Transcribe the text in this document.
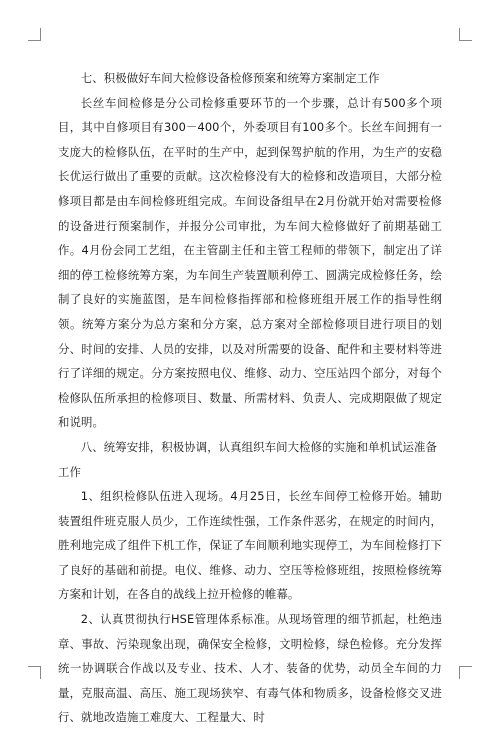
七、积极做好车间大检修设备检修预案和统筹方案制定工作

长丝车间检修是分公司检修重要环节的一个步骤，总计有500多个项目，其中自修项目有300－400个，外委项目有100多个。长丝车间拥有一支庞大的检修队伍，在平时的生产中，起到保驾护航的作用，为生产的安稳长优运行做出了重要的贡献。这次检修没有大的检修和改造项目，大部分检修项目都是由车间检修班组完成。车间设备组早在2月份就开始对需要检修的设备进行预案制作，并报分公司审批，为车间大检修做好了前期基础工作。4月份会同工艺组，在主管副主任和主管工程师的带领下，制定出了详细的停工检修统筹方案，为车间生产装置顺利停工、圆满完成检修任务，绘制了良好的实施蓝图，是车间检修指挥部和检修班组开展工作的指导性纲领。统筹方案分为总方案和分方案，总方案对全部检修项目进行项目的划分、时间的安排、人员的安排，以及对所需要的设备、配件和主要材料等进行了详细的规定。分方案按照电仪、维修、动力、空压站四个部分，对每个检修队伍所承担的检修项目、数量、所需材料、负责人、完成期限做了规定和说明。

八、统筹安排，积极协调，认真组织车间大检修的实施和单机试运准备工作

1、组织检修队伍进入现场。4月25日，长丝车间停工检修开始。辅助装置组件班克服人员少，工作连续性强，工作条件恶劣，在规定的时间内，胜利地完成了组件下机工作，保证了车间顺利地实现停工，为车间检修打下了良好的基础和前提。电仪、维修、动力、空压等检修班组，按照检修统筹方案和计划，在各自的战线上拉开检修的帷幕。

2、认真贯彻执行HSE管理体系标准。从现场管理的细节抓起，杜绝违章、事故、污染现象出现，确保安全检修，文明检修，绿色检修。充分发挥统一协调联合作战以及专业、技术、人才、装备的优势，动员全车间的力量，克服高温、高压、施工现场狭窄、有毒气体和物质多，设备检修交叉进行、就地改造施工难度大、工程量大、时
